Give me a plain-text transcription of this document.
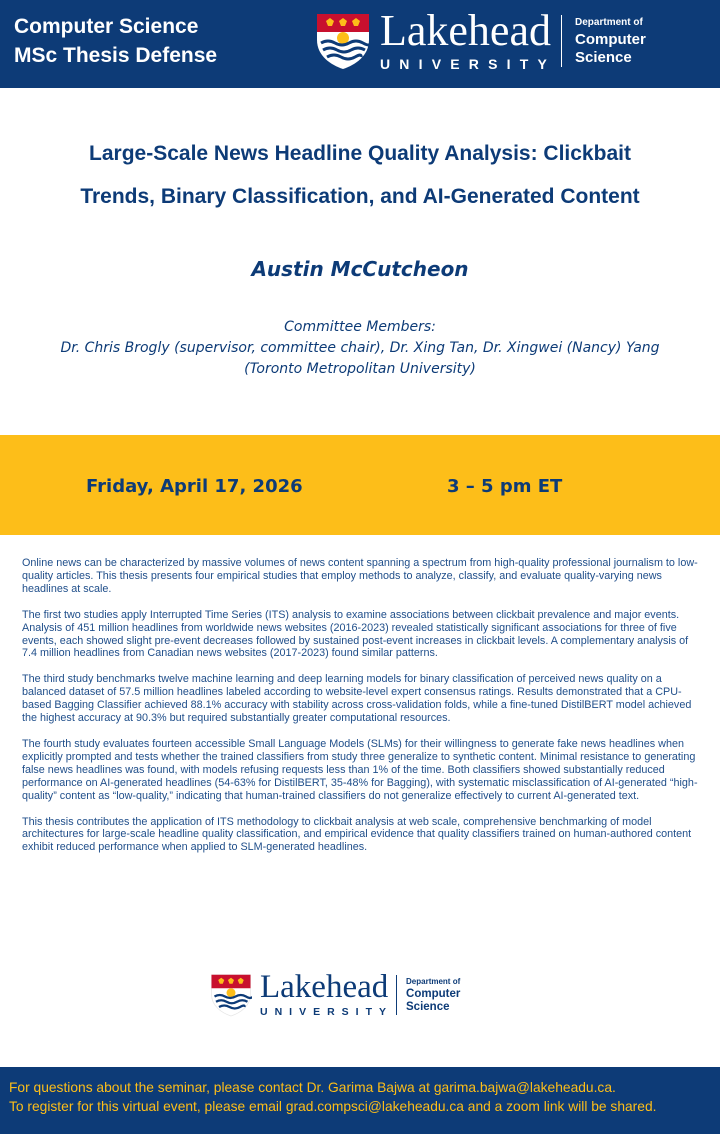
Computer Science
MSc Thesis Defense
Lakehead
UNIVERSITY
Department of
Computer
Science
Large-Scale News Headline Quality Analysis: Clickbait
Trends, Binary Classification, and AI-Generated Content
Austin McCutcheon
Committee Members:
Dr. Chris Brogly (supervisor, committee chair), Dr. Xing Tan, Dr. Xingwei (Nancy) Yang (Toronto Metropolitan University)
Friday, April 17, 2026	3 – 5 pm ET

Online news can be characterized by massive volumes of news content spanning a spectrum from high-quality professional journalism to low-quality articles. This thesis presents four empirical studies that employ methods to analyze, classify, and evaluate quality-varying news headlines at scale.

The first two studies apply Interrupted Time Series (ITS) analysis to examine associations between clickbait prevalence and major events. Analysis of 451 million headlines from worldwide news websites (2016-2023) revealed statistically significant associations for three of five events, each showed slight pre-event decreases followed by sustained post-event increases in clickbait levels. A complementary analysis of 7.4 million headlines from Canadian news websites (2017-2023) found similar patterns.

The third study benchmarks twelve machine learning and deep learning models for binary classification of perceived news quality on a balanced dataset of 57.5 million headlines labeled according to website-level expert consensus ratings. Results demonstrated that a CPU-based Bagging Classifier achieved 88.1% accuracy with stability across cross-validation folds, while a fine-tuned DistilBERT model achieved the highest accuracy at 90.3% but required substantially greater computational resources.

The fourth study evaluates fourteen accessible Small Language Models (SLMs) for their willingness to generate fake news headlines when explicitly prompted and tests whether the trained classifiers from study three generalize to synthetic content. Minimal resistance to generating false news headlines was found, with models refusing requests less than 1% of the time. Both classifiers showed substantially reduced performance on AI-generated headlines (54-63% for DistilBERT, 35-48% for Bagging), with systematic misclassification of AI-generated “high-quality” content as “low-quality,” indicating that human-trained classifiers do not generalize effectively to current AI-generated text.

This thesis contributes the application of ITS methodology to clickbait analysis at web scale, comprehensive benchmarking of model architectures for large-scale headline quality classification, and empirical evidence that quality classifiers trained on human-authored content exhibit reduced performance when applied to SLM-generated headlines.

Lakehead
UNIVERSITY
Department of
Computer
Science
For questions about the seminar, please contact Dr. Garima Bajwa at garima.bajwa@lakeheadu.ca.
To register for this virtual event, please email grad.compsci@lakeheadu.ca and a zoom link will be shared.
